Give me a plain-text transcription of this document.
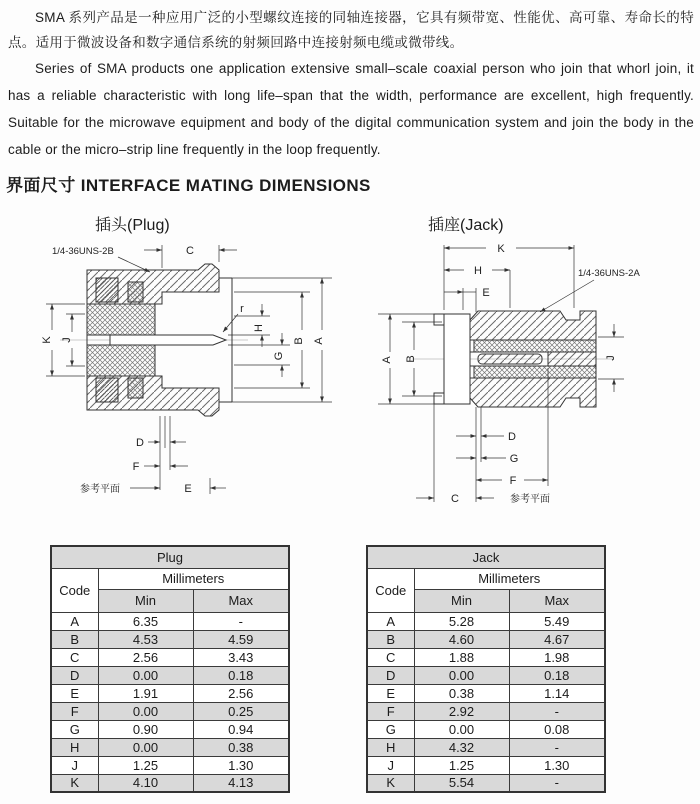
SMA 系列产品是一种应用广泛的小型螺纹连接的同轴连接器，它具有频带宽、性能优、高可靠、寿命长的特点。适用于微波设备和数字通信系统的射频回路中连接射频电缆或微带线。

Series of SMA products one application extensive small–scale coaxial person who join that whorl join, it has a reliable characteristic with long life–span that the width, performance are excellent, high frequently. Suitable for the microwave equipment and body of the digital communication system and join the body in the cable or the micro–strip line frequently in the loop frequently.

界面尺寸 INTERFACE MATING DIMENSIONS
插头(Plug)	插座(Jack)
1/4-36UNS-2B	C
K J
r
H
G
B A
D
F
E
参考平面
K
H
E
1/4-36UNS-2A
A B	J
D
G
F
C	参考平面
Plug		
Code	Millimeters	
	Min	Max
A	6.35	-
B	4.53	4.59
C	2.56	3.43
D	0.00	0.18
E	1.91	2.56
F	0.00	0.25
G	0.90	0.94
H	0.00	0.38
J	1.25	1.30
K	4.10	4.13
Jack		
Code	Millimeters	
	Min	Max
A	5.28	5.49
B	4.60	4.67
C	1.88	1.98
D	0.00	0.18
E	0.38	1.14
F	2.92	-
G	0.00	0.08
H	4.32	-
J	1.25	1.30
K	5.54	-
